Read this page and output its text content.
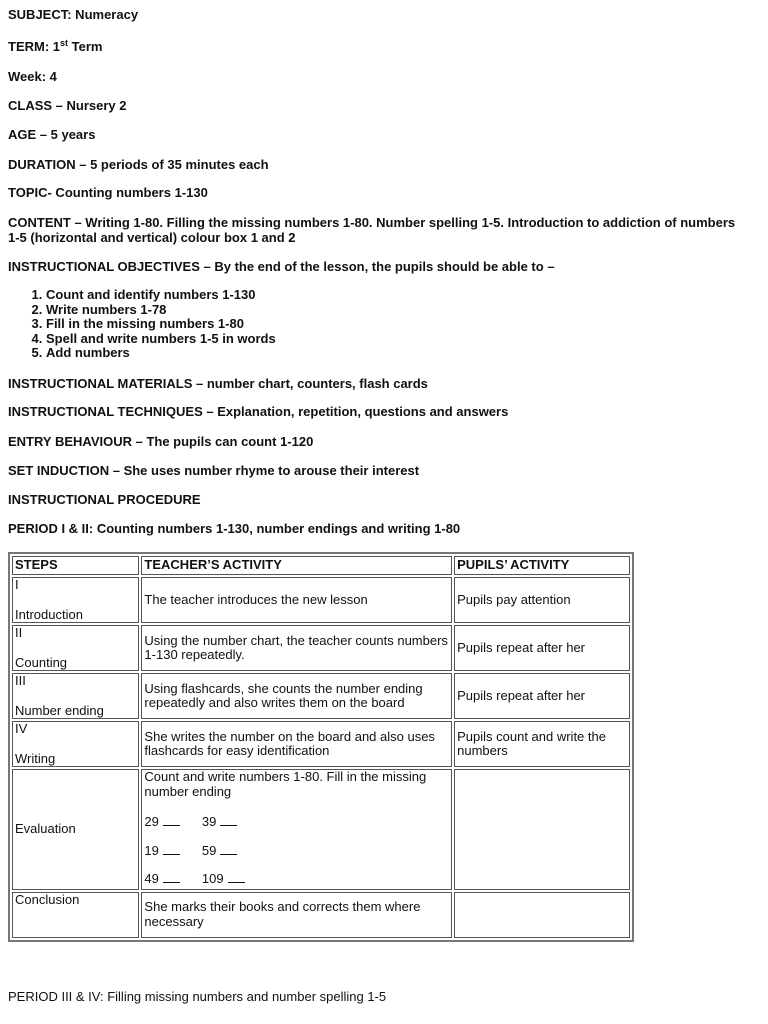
SUBJECT: Numeracy
TERM: 1st Term
Week: 4
CLASS – Nursery 2
AGE – 5 years
DURATION – 5 periods of 35 minutes each
TOPIC- Counting numbers 1-130
CONTENT – Writing 1-80. Filling the missing numbers 1-80. Number spelling 1-5. Introduction to addiction of numbers 1-5 (horizontal and vertical) colour box 1 and 2
INSTRUCTIONAL OBJECTIVES – By the end of the lesson, the pupils should be able to –
1. Count and identify numbers 1-130
2. Write numbers 1-78
3. Fill in the missing numbers 1-80
4. Spell and write numbers 1-5 in words
5. Add numbers
INSTRUCTIONAL MATERIALS – number chart, counters, flash cards
INSTRUCTIONAL TECHNIQUES – Explanation, repetition, questions and answers
ENTRY BEHAVIOUR – The pupils can count 1-120
SET INDUCTION – She uses number rhyme to arouse their interest
INSTRUCTIONAL PROCEDURE
PERIOD I & II: Counting numbers 1-130, number endings and writing 1-80
STEPS	TEACHER’S ACTIVITY	PUPILS’ ACTIVITY

I
Introduction	The teacher introduces the new lesson	Pupils pay attention

II
Counting	Using the number chart, the teacher counts numbers 1-130 repeatedly.	Pupils repeat after her

III
Number ending	Using flashcards, she counts the number ending repeatedly and also writes them on the board	Pupils repeat after her

IV
Writing	She writes the number on the board and also uses flashcards for easy identification	Pupils count and write the numbers
Evaluation	Count and write numbers 1-80. Fill in the missing number ending

29 39

19 59

49 109	

Conclusion	She marks their books and corrects them where necessary	
PERIOD III & IV: Filling missing numbers and number spelling 1-5
